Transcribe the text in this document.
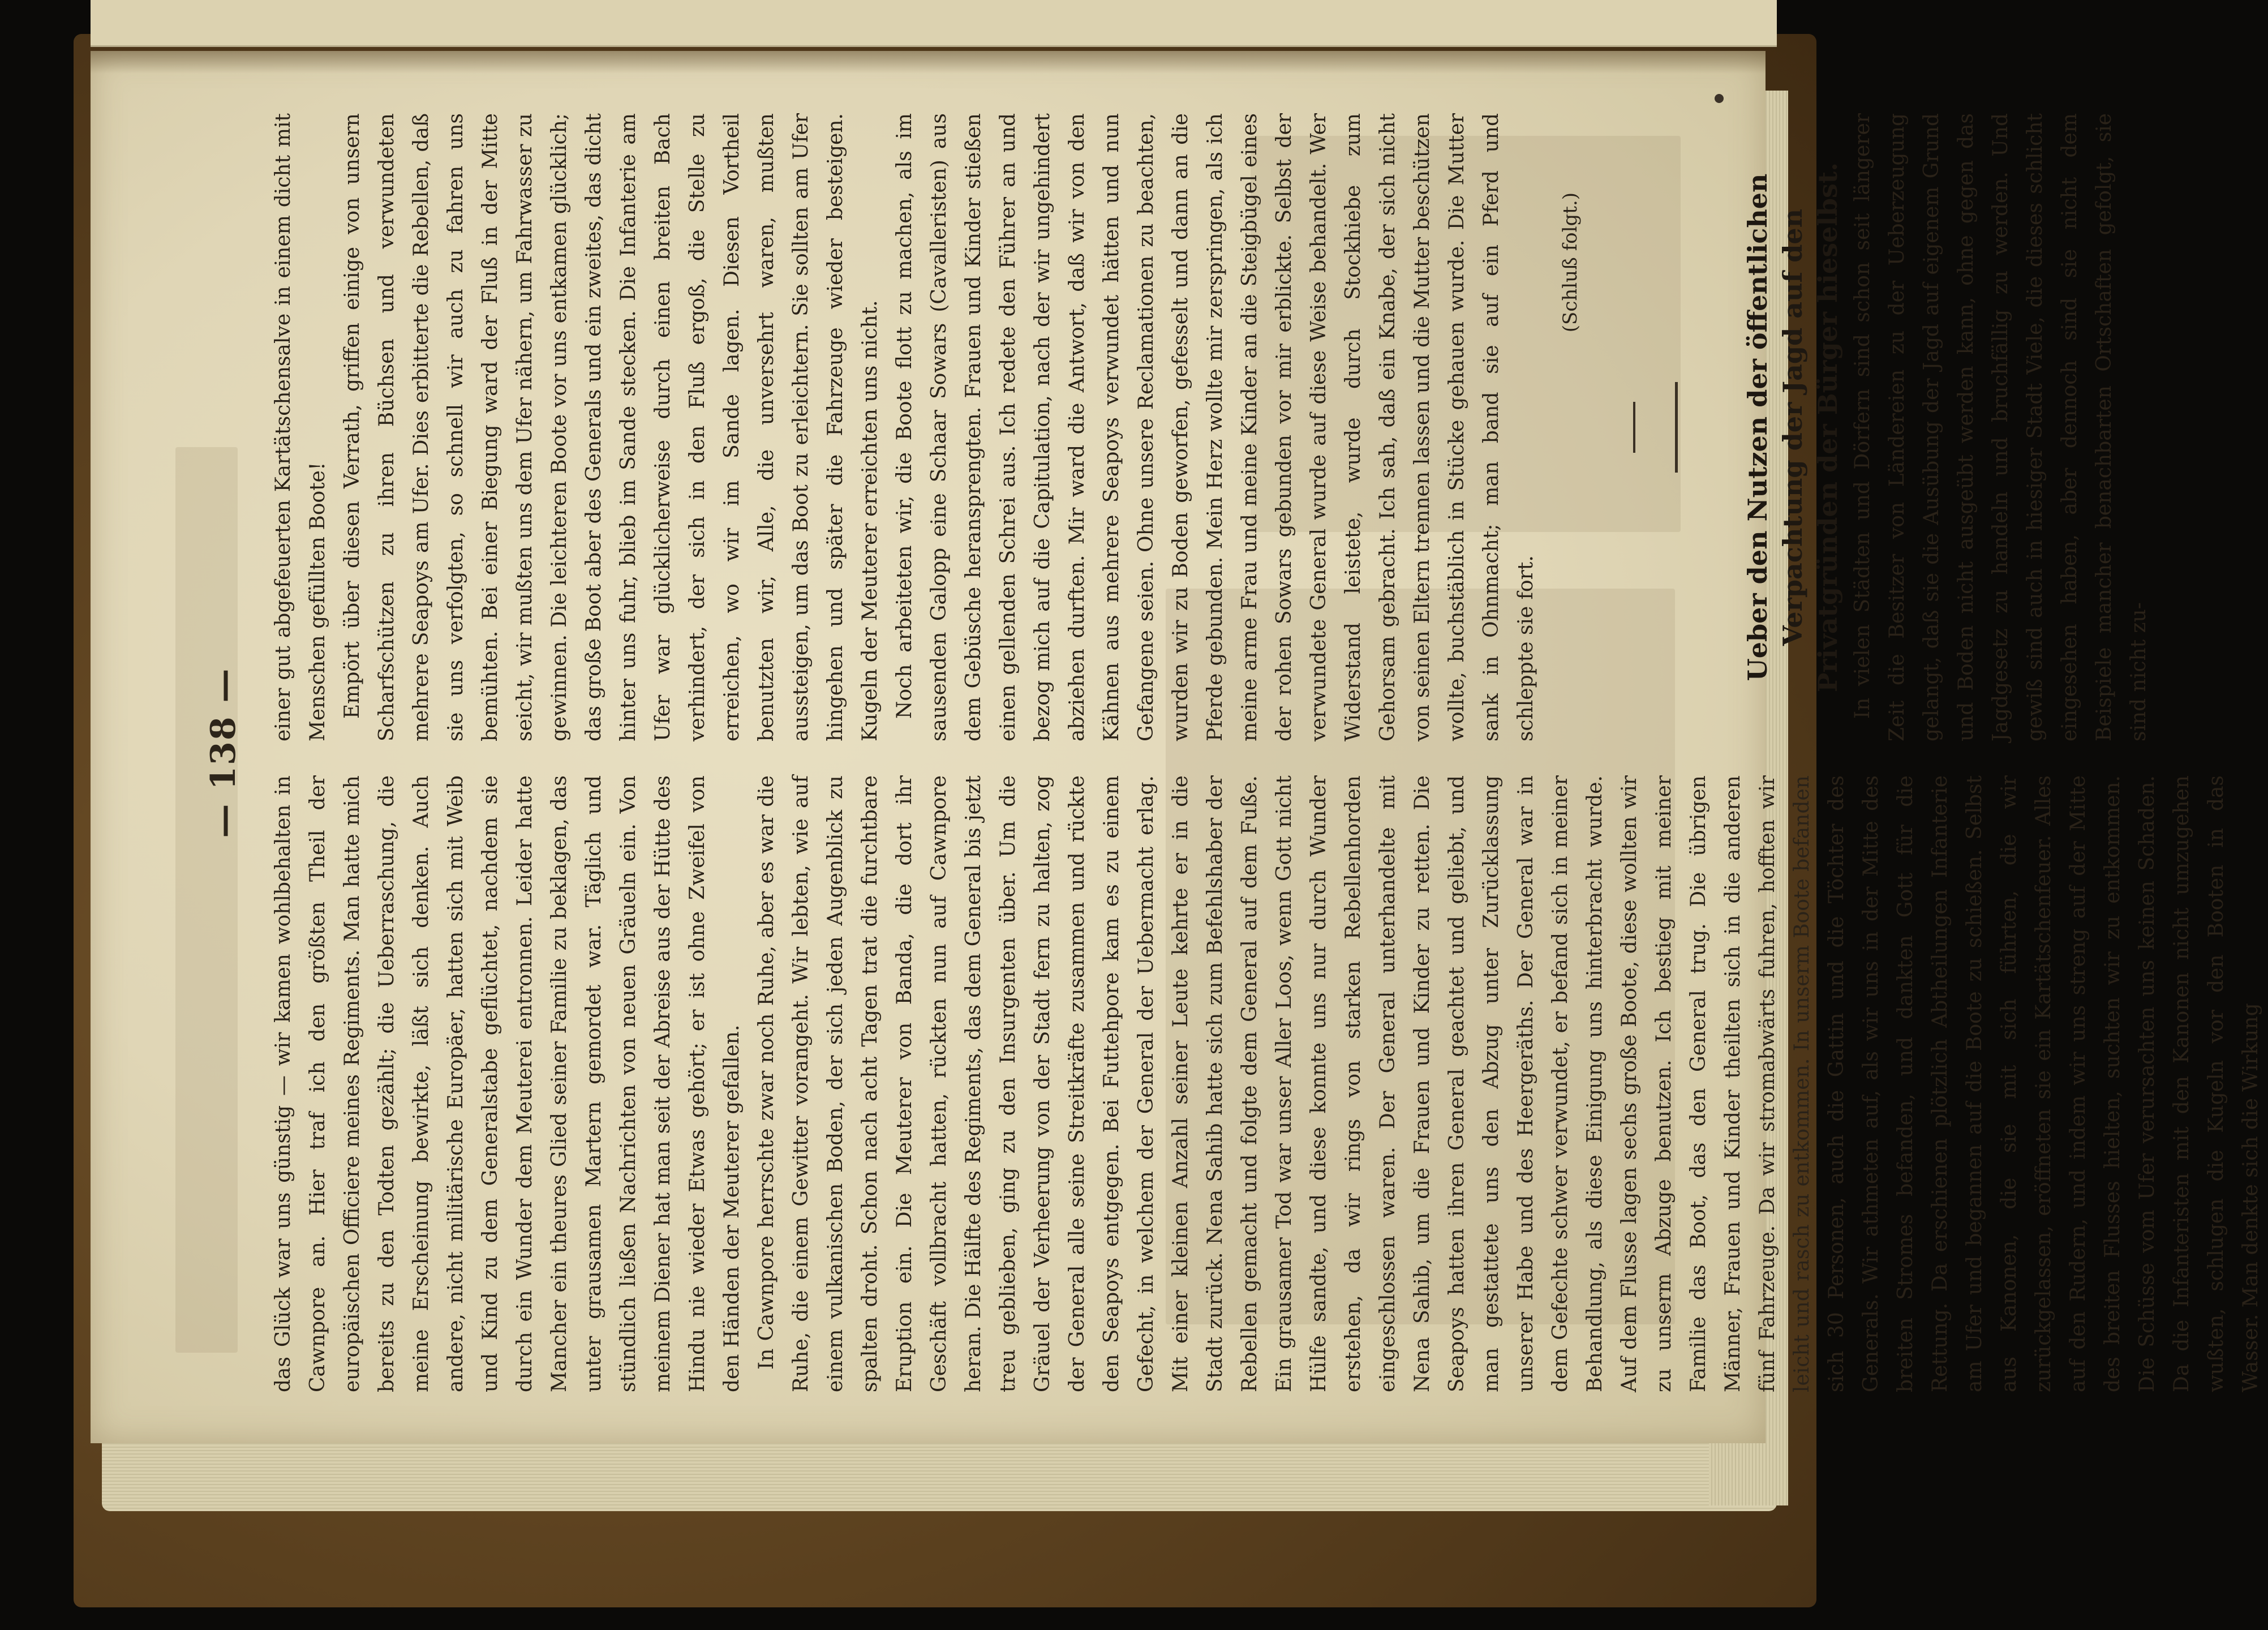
— 138 —

das Glück war uns günstig — wir kamen wohlbehalten in Cawnpore an. Hier traf ich den größten Theil der europäischen Officiere meines Regiments. Man hatte mich bereits zu den Todten gezählt; die Ueberraschung, die meine Erscheinung bewirkte, läßt sich denken. Auch andere, nicht militärische Europäer, hatten sich mit Weib und Kind zu dem Generalstabe geflüchtet, nachdem sie durch ein Wunder dem Meuterei entronnen. Leider hatte Mancher ein theures Glied seiner Familie zu beklagen, das unter grausamen Martern gemordet war. Täglich und stündlich ließen Nachrichten von neuen Gräueln ein. Von meinem Diener hat man seit der Abreise aus der Hütte des Hindu nie wieder Etwas gehört; er ist ohne Zweifel von den Händen der Meuterer gefallen. In Cawnpore herrschte zwar noch Ruhe, aber es war die Ruhe, die einem Gewitter vorangeht. Wir lebten, wie auf einem vulkanischen Boden, der sich jeden Augenblick zu spalten droht. Schon nach acht Tagen trat die furchtbare Eruption ein. Die Meuterer von Banda, die dort ihr Geschäft vollbracht hatten, rückten nun auf Cawnpore heran. Die Hälfte des Regiments, das dem General bis jetzt treu geblieben, ging zu den Insurgenten über. Um die Gräuel der Verheerung von der Stadt fern zu halten, zog der General alle seine Streitkräfte zusammen und rückte den Seapoys entgegen. Bei Futtehpore kam es zu einem Gefecht, in welchem der General der Uebermacht erlag. Mit einer kleinen Anzahl seiner Leute kehrte er in die Stadt zurück. Nena Sahib hatte sich zum Befehlshaber der Rebellen gemacht und folgte dem General auf dem Fuße. Ein grausamer Tod war unser Aller Loos, wenn Gott nicht Hülfe sandte, und diese konnte uns nur durch Wunder erstehen, da wir rings von starken Rebellenhorden eingeschlossen waren. Der General unterhandelte mit Nena Sahib, um die Frauen und Kinder zu retten. Die Seapoys hatten ihren General geachtet und geliebt, und man gestattete uns den Abzug unter Zurücklassung unserer Habe und des Heergeräths. Der General war in dem Gefechte schwer verwundet, er befand sich in meiner Behandlung, als diese Einigung uns hinterbracht wurde. Auf dem Flusse lagen sechs große Boote, diese wollten wir zu unserm Abzuge benutzen. Ich bestieg mit meiner Familie das Boot, das den General trug. Die übrigen Männer, Frauen und Kinder theilten sich in die anderen fünf Fahrzeuge. Da wir stromabwärts fuhren, hofften wir leicht und rasch zu entkommen. In unserm Boote befanden sich 30 Personen, auch die Gattin und die Töchter des Generals. Wir athmeten auf, als wir uns in der Mitte des breiten Stromes befanden, und dankten Gott für die Rettung. Da erschienen plötzlich Abtheilungen Infanterie am Ufer und begannen auf die Boote zu schießen. Selbst aus Kanonen, die sie mit sich führten, die wir zurückgelassen, eröffneten sie ein Kartätschenfeuer. Alles auf den Rudern, und indem wir uns streng auf der Mitte des breiten Flusses hielten, suchten wir zu entkommen. Die Schüsse vom Ufer verursachten uns keinen Schaden. Da die Infanteristen mit den Kanonen nicht umzugehen wußten, schlugen die Kugeln vor den Booten in das Wasser. Man denkte sich die Wirkung

einer gut abgefeuerten Kartätschensalve in einem dicht mit Menschen gefüllten Boote! Empört über diesen Verrath, griffen einige von unsern Scharfschützen zu ihren Büchsen und verwundeten mehrere Seapoys am Ufer. Dies erbitterte die Rebellen, daß sie uns verfolgten, so schnell wir auch zu fahren uns bemühten. Bei einer Biegung ward der Fluß in der Mitte seicht, wir mußten uns dem Ufer nähern, um Fahrwasser zu gewinnen. Die leichteren Boote vor uns entkamen glücklich; das große Boot aber des Generals und ein zweites, das dicht hinter uns fuhr, blieb im Sande stecken. Die Infanterie am Ufer war glücklicherweise durch einen breiten Bach verhindert, der sich in den Fluß ergoß, die Stelle zu erreichen, wo wir im Sande lagen. Diesen Vortheil benutzten wir, Alle, die unversehrt waren, mußten aussteigen, um das Boot zu erleichtern. Sie sollten am Ufer hingehen und später die Fahrzeuge wieder besteigen. Kugeln der Meuterer erreichten uns nicht. Noch arbeiteten wir, die Boote flott zu machen, als im sausenden Galopp eine Schaar Sowars (Cavalleristen) aus dem Gebüsche heransprengten. Frauen und Kinder stießen einen gellenden Schrei aus. Ich redete den Führer an und bezog mich auf die Capitulation, nach der wir ungehindert abziehen durften. Mir ward die Antwort, daß wir von den Kähnen aus mehrere Seapoys verwundet hätten und nun Gefangene seien. Ohne unsere Reclamationen zu beachten, wurden wir zu Boden geworfen, gefesselt und dann an die Pferde gebunden. Mein Herz wollte mir zerspringen, als ich meine arme Frau und meine Kinder an die Steigbügel eines der rohen Sowars gebunden vor mir erblickte. Selbst der verwundete General wurde auf diese Weise behandelt. Wer Widerstand leistete, wurde durch Stockhiebe zum Gehorsam gebracht. Ich sah, daß ein Knabe, der sich nicht von seinen Eltern trennen lassen und die Mutter beschützen wollte, buchstäblich in Stücke gehauen wurde. Die Mutter sank in Ohnmacht; man band sie auf ein Pferd und schleppte sie fort.

(Schluß folgt.)	Ueber den Nutzen der öffentlichen Verpachtung der Jagd auf den Privatgründen der Bürger hieselbst. In vielen Städten und Dörfern sind schon seit längerer Zeit die Besitzer von Ländereien zu der Ueberzeugung gelangt, daß sie die Ausübung der Jagd auf eigenem Grund und Boden nicht ausgeübt werden kann, ohne gegen das Jagdgesetz zu handeln und bruchfällig zu werden. Und gewiß sind auch in hiesiger Stadt Viele, die dieses schlicht eingesehen haben, aber dennoch sind sie nicht dem Beispiele mancher benachbarten Ortschaften gefolgt, sie sind nicht zu-
